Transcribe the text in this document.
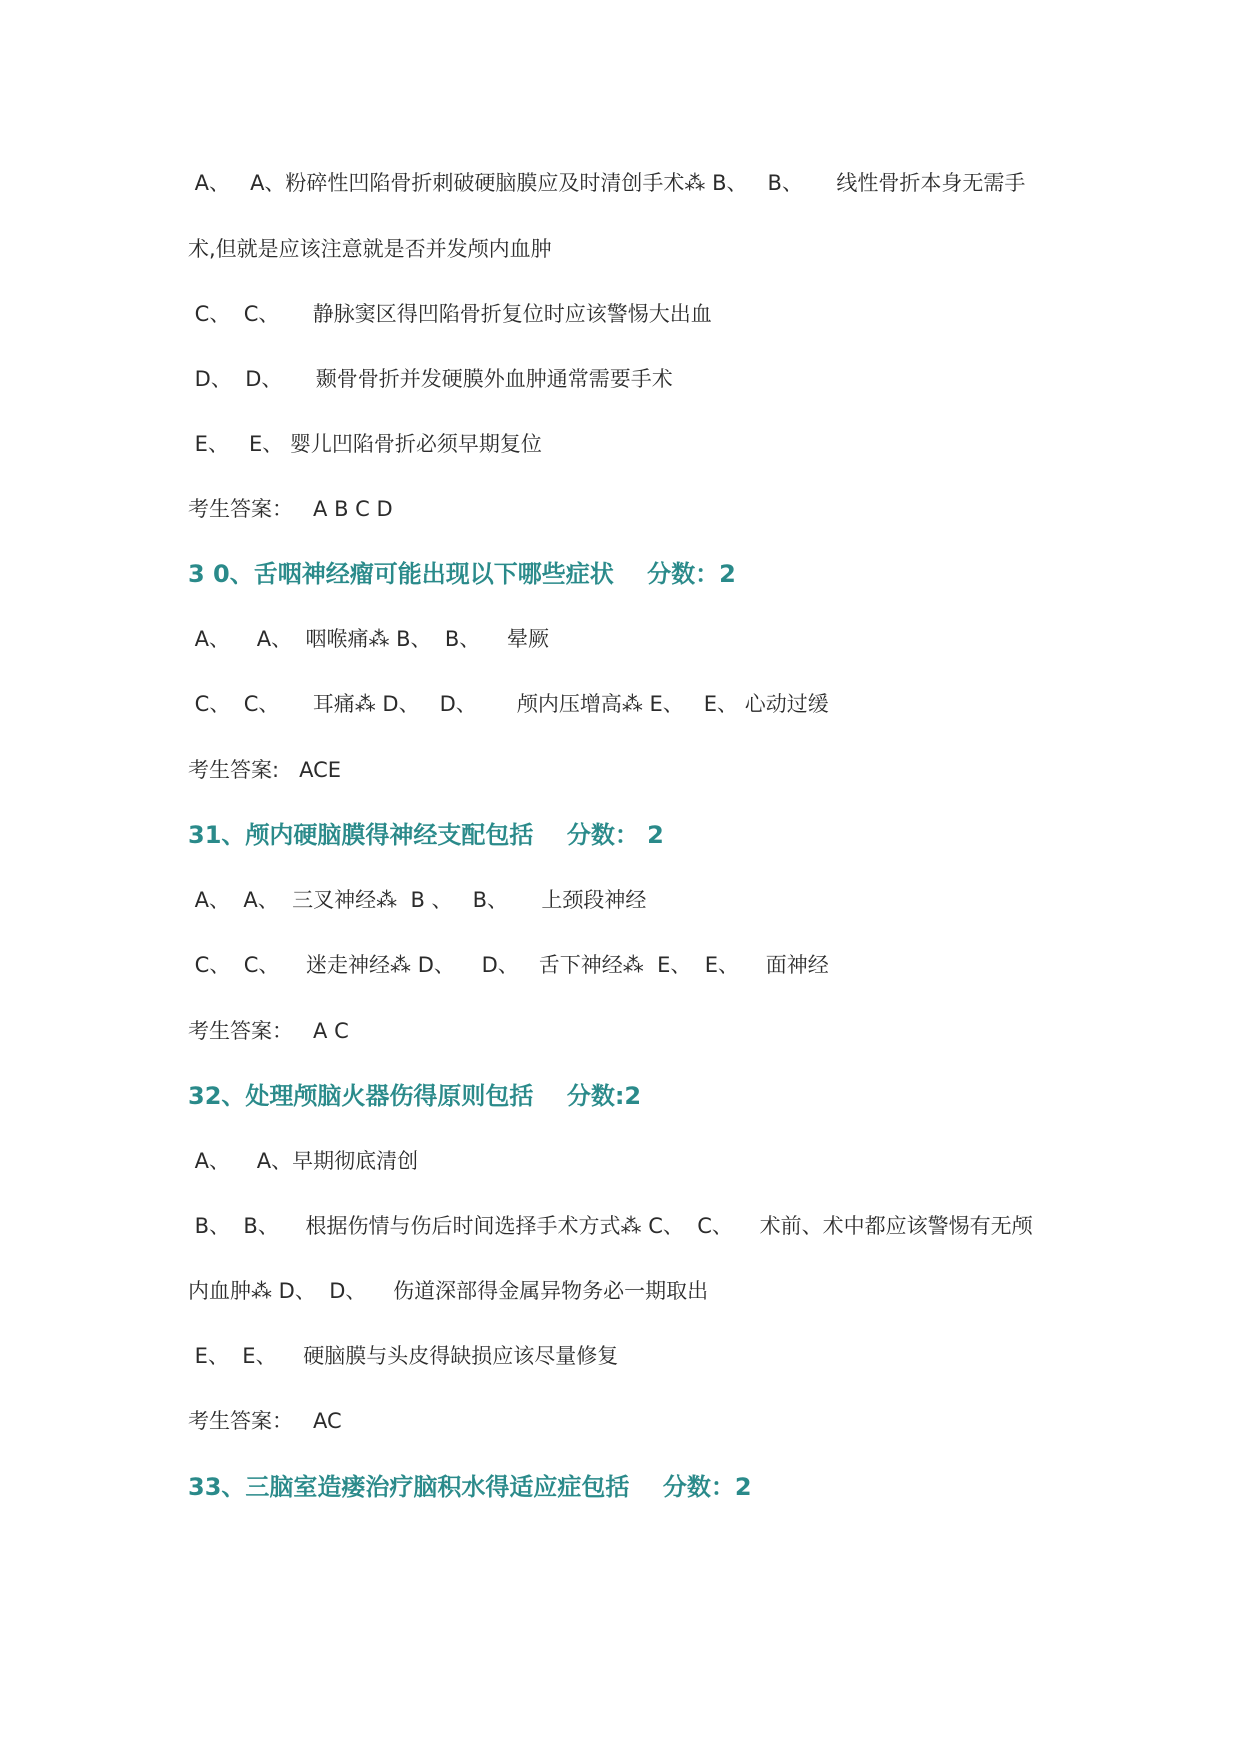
A、   A、粉碎性凹陷骨折刺破硬脑膜应及时清创手术⁂ B、   B、     线性骨折本身无需手
术,但就是应该注意就是否并发颅内血肿
C、  C、     静脉窦区得凹陷骨折复位时应该警惕大出血
D、  D、     颞骨骨折并发硬膜外血肿通常需要手术
E、   E、 婴儿凹陷骨折必须早期复位
考生答案：   A B C D
3 0、舌咽神经瘤可能出现以下哪些症状    分数：2
A、    A、  咽喉痛⁂ B、  B、    晕厥
C、  C、     耳痛⁂ D、   D、      颅内压增高⁂ E、   E、 心动过缓
考生答案:   ACE
31、颅内硬脑膜得神经支配包括    分数： 2
A、  A、  三叉神经⁂  B 、   B、     上颈段神经
C、  C、    迷走神经⁂ D、    D、   舌下神经⁂  E、  E、    面神经
考生答案：   A C
32、处理颅脑火器伤得原则包括    分数:2
A、    A、早期彻底清创
B、  B、    根据伤情与伤后时间选择手术方式⁂ C、  C、    术前、术中都应该警惕有无颅
内血肿⁂ D、  D、    伤道深部得金属异物务必一期取出
E、  E、    硬脑膜与头皮得缺损应该尽量修复
考生答案：   AC
33、三脑室造瘘治疗脑积水得适应症包括    分数：2
